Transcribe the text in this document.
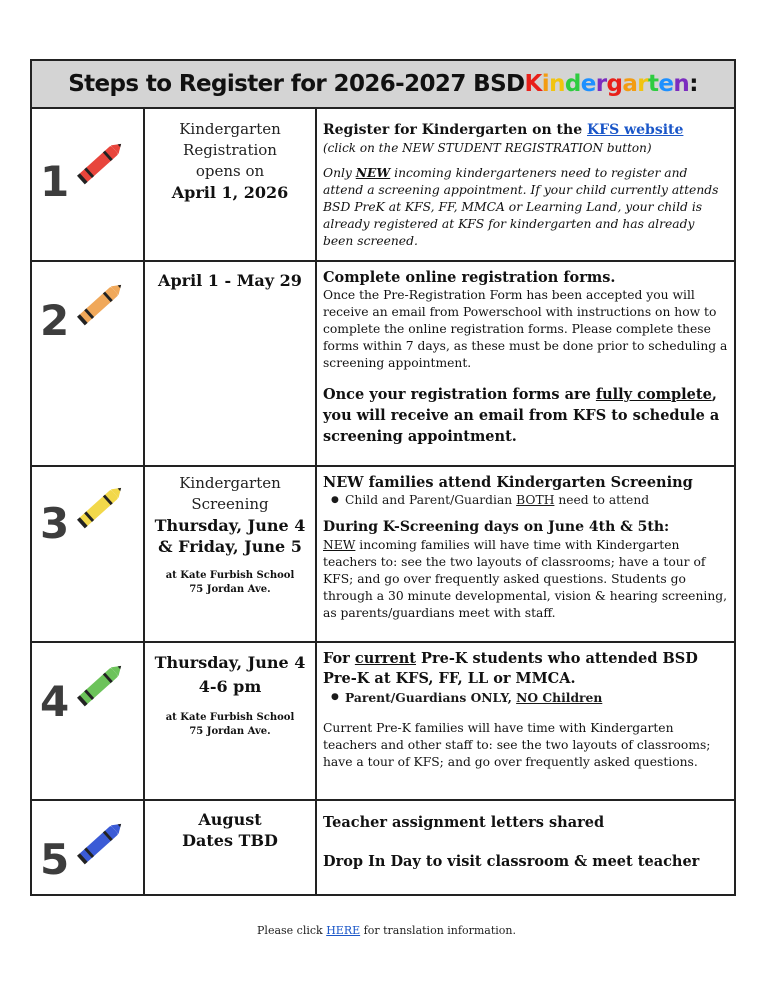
Steps to Register for 2026-2027 BSD Kindergarten :
1
Kindergarten
Registration
opens on
April 1, 2026
Register for Kindergarten on the KFS website
(click on the NEW STUDENT REGISTRATION button)
Only NEW incoming kindergarteners need to register and attend a screening appointment. If your child currently attends BSD PreK at KFS, FF, MMCA or Learning Land, your child is already registered at KFS for kindergarten and has already been screened.
2
April 1 - May 29	Complete online registration forms.
Once the Pre-Registration Form has been accepted you will receive an email from Powerschool with instructions on how to complete the online registration forms. Please complete these forms within 7 days, as these must be done prior to scheduling a screening appointment.
Once your registration forms are fully complete, you will receive an email from KFS to schedule a screening appointment.
3
Kindergarten
Screening
Thursday, June 4
& Friday, June 5
at Kate Furbish School
75 Jordan Ave.
NEW families attend Kindergarten Screening
● Child and Parent/Guardian BOTH need to attend
During K-Screening days on June 4th & 5th:
NEW incoming families will have time with Kindergarten teachers to: see the two layouts of classrooms; have a tour of KFS; and go over frequently asked questions. Students go through a 30 minute developmental, vision & hearing screening, as parents/guardians meet with staff.
4
Thursday, June 4
4-6 pm
at Kate Furbish School
75 Jordan Ave.
For current Pre-K students who attended BSD Pre-K at KFS, FF, LL or MMCA.
● Parent/Guardians ONLY, NO Children
Current Pre-K families will have time with Kindergarten teachers and other staff to: see the two layouts of classrooms; have a tour of KFS; and go over frequently asked questions.
5
August
Dates TBD
Teacher assignment letters shared
Drop In Day to visit classroom & meet teacher
Please click HERE for translation information.
